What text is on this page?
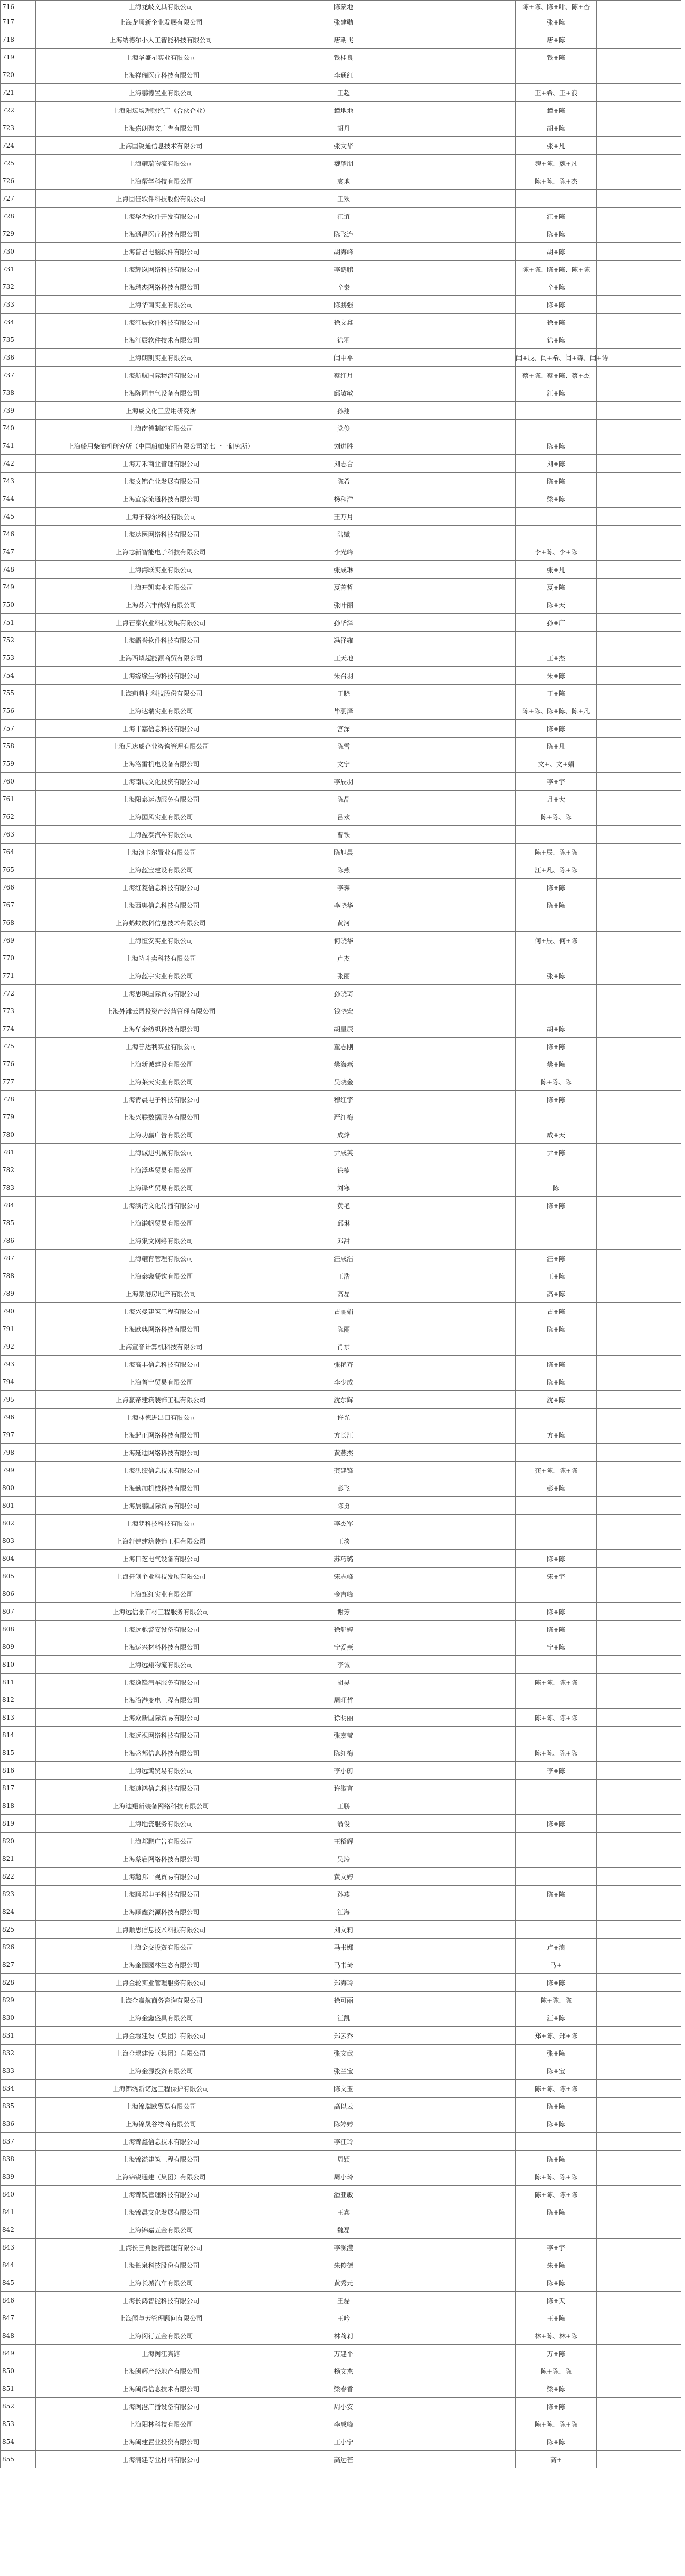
716	上海龙岐文具有限公司	陈蒙地		陈+陈、陈+叶、陈+杏	
717	上海龙顺新企业发展有限公司	张建勋		张+陈	
718	上海纳德尔小人工智能科技有限公司	唐朝飞		唐+陈	
719	上海华盛星实业有限公司	钱桂良		钱+陈	
720	上海祥瑞医疗科技有限公司	李通红			
721	上海鹏德置业有限公司	王超		王+希、王+浪	
722	上海阳坛场理财经广（合伙企业）	谭地地		谭+陈	
723	上海嘉朗聚文广告有限公司	胡丹		胡+陈	
724	上海国锐通信息技术有限公司	张文华		张+凡	
725	上海耀瑞物流有限公司	魏耀朋		魏+陈、魏+凡	
726	上海帮学科技有限公司	袁地		陈+陈、陈+杰	
727	上海固佳软件科技股份有限公司	王欢			
728	上海华为软件开发有限公司	江谊		江+陈	
729	上海通昌医疗科技有限公司	陈飞连		陈+陈	
730	上海普君电脑软件有限公司	胡海峰		胡+陈	
731	上海辉岚网络科技有限公司	李鹤鹏		陈+陈、陈+陈、陈+陈	
732	上海瑞杰网络科技有限公司	辛秦		辛+陈	
733	上海华南实业有限公司	陈鹏强		陈+陈	
734	上海江辰软件科技有限公司	徐文鑫		徐+陈	
735	上海江辰软件技术有限公司	徐羽		徐+陈	
736	上海朗凯实业有限公司	闫中平		闫+辰、闫+希、闫+森、闫+诗	
737	上海航航国际物流有限公司	蔡红月		蔡+陈、蔡+陈、蔡+杰	
738	上海陈同电气设备有限公司	邱敏敏		江+陈	
739	上海威文化工应用研究所	孙翔			
740	上海南德制药有限公司	党俊			
741	上海船用柴油机研究所（中国船舶集团有限公司第七一一研究所）	刘进胜		陈+陈	
742	上海万禾商业管理有限公司	刘志合		刘+陈	
743	上海文锦企业发展有限公司	陈希		陈+陈	
744	上海宜家流通科技有限公司	杨和洋		梁+陈	
745	上海子特尔科技有限公司	王万月			
746	上海达医网络科技有限公司	陆赋			
747	上海志新智能电子科技有限公司	李光峰		李+陈、李+陈	
748	上海海联实业有限公司	张成琳		张+凡	
749	上海开凯实业有限公司	夏菁哲		夏+陈	
750	上海苏六丰传媒有限公司	张叶丽		陈+天	
751	上海芒泰农业科技发展有限公司	孙华泽		孙+广	
752	上海霸誉软件科技有限公司	冯泽雍			
753	上海西域超能源商贸有限公司	王天地		王+杰	
754	上海缘缘生物科技有限公司	朱召羽		朱+陈	
755	上海莉莉杜科技股份有限公司	于晓		于+陈	
756	上海达瑞实业有限公司	毕羽泽		陈+陈、陈+陈、陈+凡	
757	上海丰塞信息科技有限公司	宫深		陈+陈	
758	上海凡达威企业咨询管理有限公司	陈雪		陈+凡	
759	上海洛雷机电设备有限公司	文宁		文+、文+娟	
760	上海南展文化投资有限公司	李辰羽		李+宇	
761	上海阳泰运动服务有限公司	陈晶		月+大	
762	上海国风实业有限公司	吕欢		陈+陈、陈	
763	上海盈泰汽车有限公司	曹铁			
764	上海浪卡尔置业有限公司	陈旭晨		陈+辰、陈+陈	
765	上海蓝宝建设有限公司	陈燕		江+凡、陈+陈	
766	上海红菱信息科技有限公司	李霁		陈+陈	
767	上海西奥信息科技有限公司	李晓华		陈+陈	
768	上海蚂蚁数科信息技术有限公司	黄河			
769	上海恒安实业有限公司	何晓华		何+辰、何+陈	
770	上海特斗卖科技有限公司	卢杰			
771	上海蓝宇实业有限公司	张丽		张+陈	
772	上海思琪国际贸易有限公司	孙晓琦			
773	上海外滩云园投资产经营管理有限公司	钱晓宏			
774	上海华泰纺织科技有限公司	胡星辰		胡+陈	
775	上海普达利实业有限公司	董志刚		陈+陈	
776	上海新诚建设有限公司	樊海燕		樊+陈	
777	上海莱天实业有限公司	吴晓金		陈+陈、陈	
778	上海青晨电子科技有限公司	穆红宇		陈+陈	
779	上海兴联数据服务有限公司	严红梅			
780	上海功赢广告有限公司	成烽		成+天	
781	上海诚迅机械有限公司	尹成英		尹+陈	
782	上海浮华贸易有限公司	徐楠			
783	上海译华贸易有限公司	刘寒		陈	
784	上海滨清文化传播有限公司	黄艳		陈+陈	
785	上海谦帆贸易有限公司	邱琳			
786	上海集文网络有限公司	邓甜			
787	上海耀育管理有限公司	汪成浩		汪+陈	
788	上海泰鑫餐饮有限公司	王浩		王+陈	
789	上海蒙港房地产有限公司	高磊		高+陈	
790	上海兴曼建筑工程有限公司	占丽娟		占+陈	
791	上海欧典网络科技有限公司	陈丽		陈+陈	
792	上海宣音计算机科技有限公司	肖东			
793	上海高丰信息科技有限公司	张艳卉		陈+陈	
794	上海菁宁贸易有限公司	李少成		陈+陈	
795	上海赢帝建筑装饰工程有限公司	沈东辉		沈+陈	
796	上海林德进出口有限公司	许光			
797	上海起正网络科技有限公司	方长江		方+陈	
798	上海延迪网络科技有限公司	黄燕杰			
799	上海洪绩信息技术有限公司	龚建锋		龚+陈、陈+陈	
800	上海勤加机械科技有限公司	彭飞		彭+陈	
801	上海晨鹏国际贸易有限公司	陈勇			
802	上海梦科技科技有限公司	李杰军			
803	上海轩建建筑装饰工程有限公司	王琰			
804	上海日芝电气设备有限公司	苏巧璐		陈+陈	
805	上海轩创企业科技发展有限公司	宋志峰		宋+宇	
806	上海甄红实业有限公司	金吉峰			
807	上海远信景石材工程服务有限公司	谢芳		陈+陈	
808	上海远驰警安设备有限公司	徐舒婷		陈+陈	
809	上海运兴材料科技有限公司	宁爱燕		宁+陈	
810	上海远翔物流有限公司	李诚			
811	上海逸锋汽车服务有限公司	胡昊		陈+陈、陈+陈	
812	上海沿港变电工程有限公司	周旺哲			
813	上海众新国际贸易有限公司	徐明丽		陈+陈、陈+陈	
814	上海远视网络科技有限公司	张嘉莹			
815	上海盛邦信息科技有限公司	陈红梅		陈+陈、陈+陈	
816	上海远鸿贸易有限公司	李小蔚		李+陈	
817	上海速鸿信息科技有限公司	许淑言			
818	上海迪翔新装备网络科技有限公司	王鹏			
819	上海地瓷服务有限公司	翁俊		陈+陈	
820	上海邦鹏广告有限公司	王稻辉			
821	上海蔡启网络科技有限公司	吴涛			
822	上海超邦十视贸易有限公司	黄文婷			
823	上海顺邦电子科技有限公司	孙燕		陈+陈	
824	上海顺鑫资源科技有限公司	江海			
825	上海顺思信息技术科技有限公司	刘文莉			
826	上海金交投资有限公司	马书娜		卢+浪	
827	上海金园园林生态有限公司	马书琦		马+	
828	上海金轮实业管理服务有限公司	郑海玲		陈+陈	
829	上海金赢航商务咨询有限公司	徐可丽		陈+陈、陈	
830	上海金鑫盛具有限公司	汪凯		汪+陈	
831	上海金堰建设（集团）有限公司	郑云乔		郑+陈、郑+陈	
832	上海金堰建设（集团）有限公司	张文武		张+陈	
833	上海金源投资有限公司	张兰宝		陈+宝	
834	上海锦绣新诺远工程保护有限公司	陈文玉		陈+陈、陈+陈	
835	上海锦瑞欧贸易有限公司	高以云		陈+陈	
836	上海锦晟谷物商有限公司	陈婷婷		陈+陈	
837	上海锦鑫信息技术有限公司	李江玲			
838	上海锦溢建筑工程有限公司	周颖		陈+陈	
839	上海锦锐通建（集团）有限公司	周小玲		陈+陈、陈+陈	
840	上海锦锐管理科技有限公司	潘亚敏		陈+陈、陈+陈	
841	上海锦晨文化发展有限公司	王鑫		陈+陈	
842	上海锦嘉五金有限公司	魏磊			
843	上海长三角医院管理有限公司	李濒滢		李+宇	
844	上海长泉科技股份有限公司	朱俊德		朱+陈	
845	上海长城汽车有限公司	黄秀元		陈+陈	
846	上海长鸿智能科技有限公司	王磊		陈+天	
847	上海闻与芳管理顾问有限公司	王吟		王+陈	
848	上海闵行五金有限公司	林莉莉		林+陈、林+陈	
849	上海闽江宾馆	万建平		万+陈	
850	上海闽辉产经地产有限公司	杨文杰		陈+陈、陈	
851	上海闽得信息技术有限公司	梁春香		梁+陈	
852	上海闽港广播设备有限公司	周小安		陈+陈	
853	上海阳林科技有限公司	李成峰		陈+陈、陈+陈	
854	上海闽建置业投资有限公司	王小宁		陈+陈	
855	上海浦建专业材料有限公司	高远芒		高+	
